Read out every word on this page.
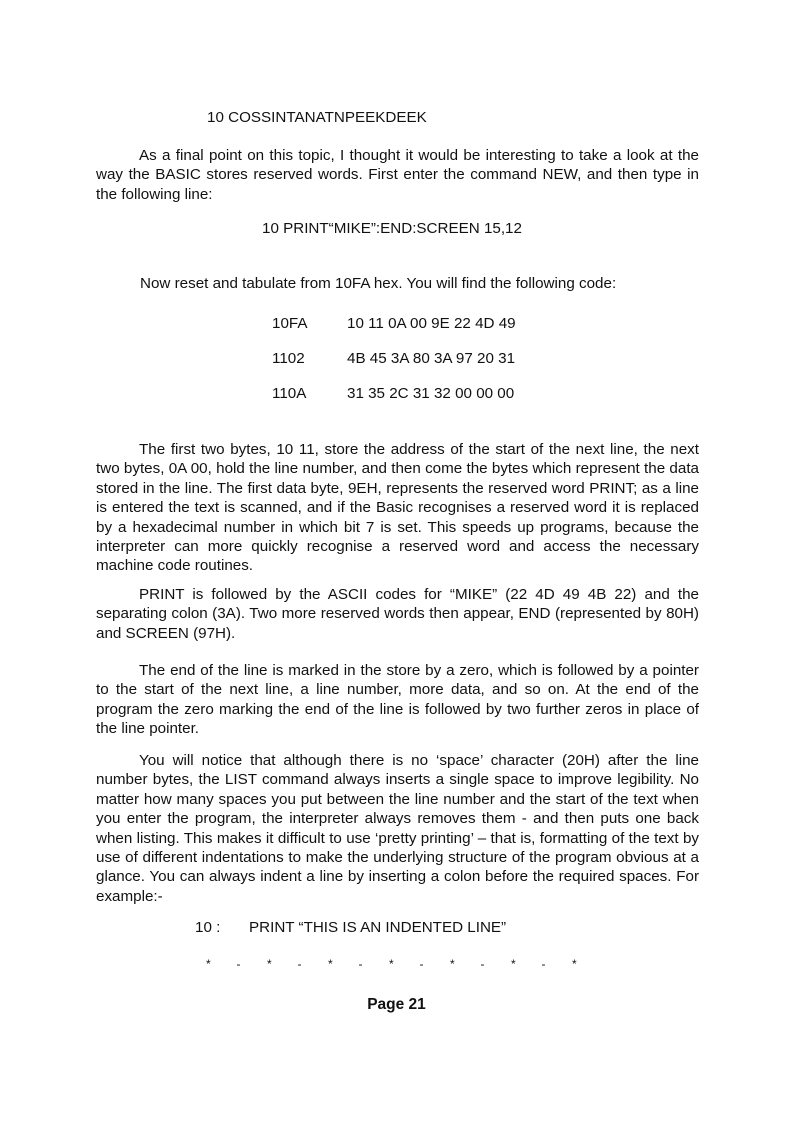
10 COSSINTANATNPEEKDEEK
As a final point on this topic, I thought it would be interesting to take a look at the way the BASIC stores reserved words. First enter the command NEW, and then type in the following line:
10 PRINT“MIKE”:END:SCREEN 15,12
Now reset and tabulate from 10FA hex. You will find the following code:
10FA	10 11 0A 00 9E 22 4D 49
1102	4B 45 3A 80 3A 97 20 31
110A	31 35 2C 31 32 00 00 00
The first two bytes, 10 11, store the address of the start of the next line, the next two bytes, 0A 00, hold the line number, and then come the bytes which represent the data stored in the line. The first data byte, 9EH, represents the reserved word PRINT; as a line is entered the text is scanned, and if the Basic recognises a reserved word it is replaced by a hexadecimal number in which bit 7 is set. This speeds up programs, because the interpreter can more quickly recognise a reserved word and access the necessary machine code routines.
PRINT is followed by the ASCII codes for “MIKE” (22 4D 49 4B 22) and the separating colon (3A). Two more reserved words then appear, END (represented by 80H) and SCREEN (97H).
The end of the line is marked in the store by a zero, which is followed by a pointer to the start of the next line, a line number, more data, and so on. At the end of the program the zero marking the end of the line is followed by two further zeros in place of the line pointer.
You will notice that although there is no ‘space’ character (20H) after the line number bytes, the LIST command always inserts a single space to improve legibility. No matter how many spaces you put between the line number and the start of the text when you enter the program, the interpreter always removes them - and then puts one back when listing. This makes it difficult to use ‘pretty printing’ – that is, formatting of the text by use of different indentations to make the underlying structure of the program obvious at a glance. You can always indent a line by inserting a colon before the required spaces. For example:-
10 : PRINT “THIS IS AN INDENTED LINE”
* - * - * - * - * - * - *
Page 21
